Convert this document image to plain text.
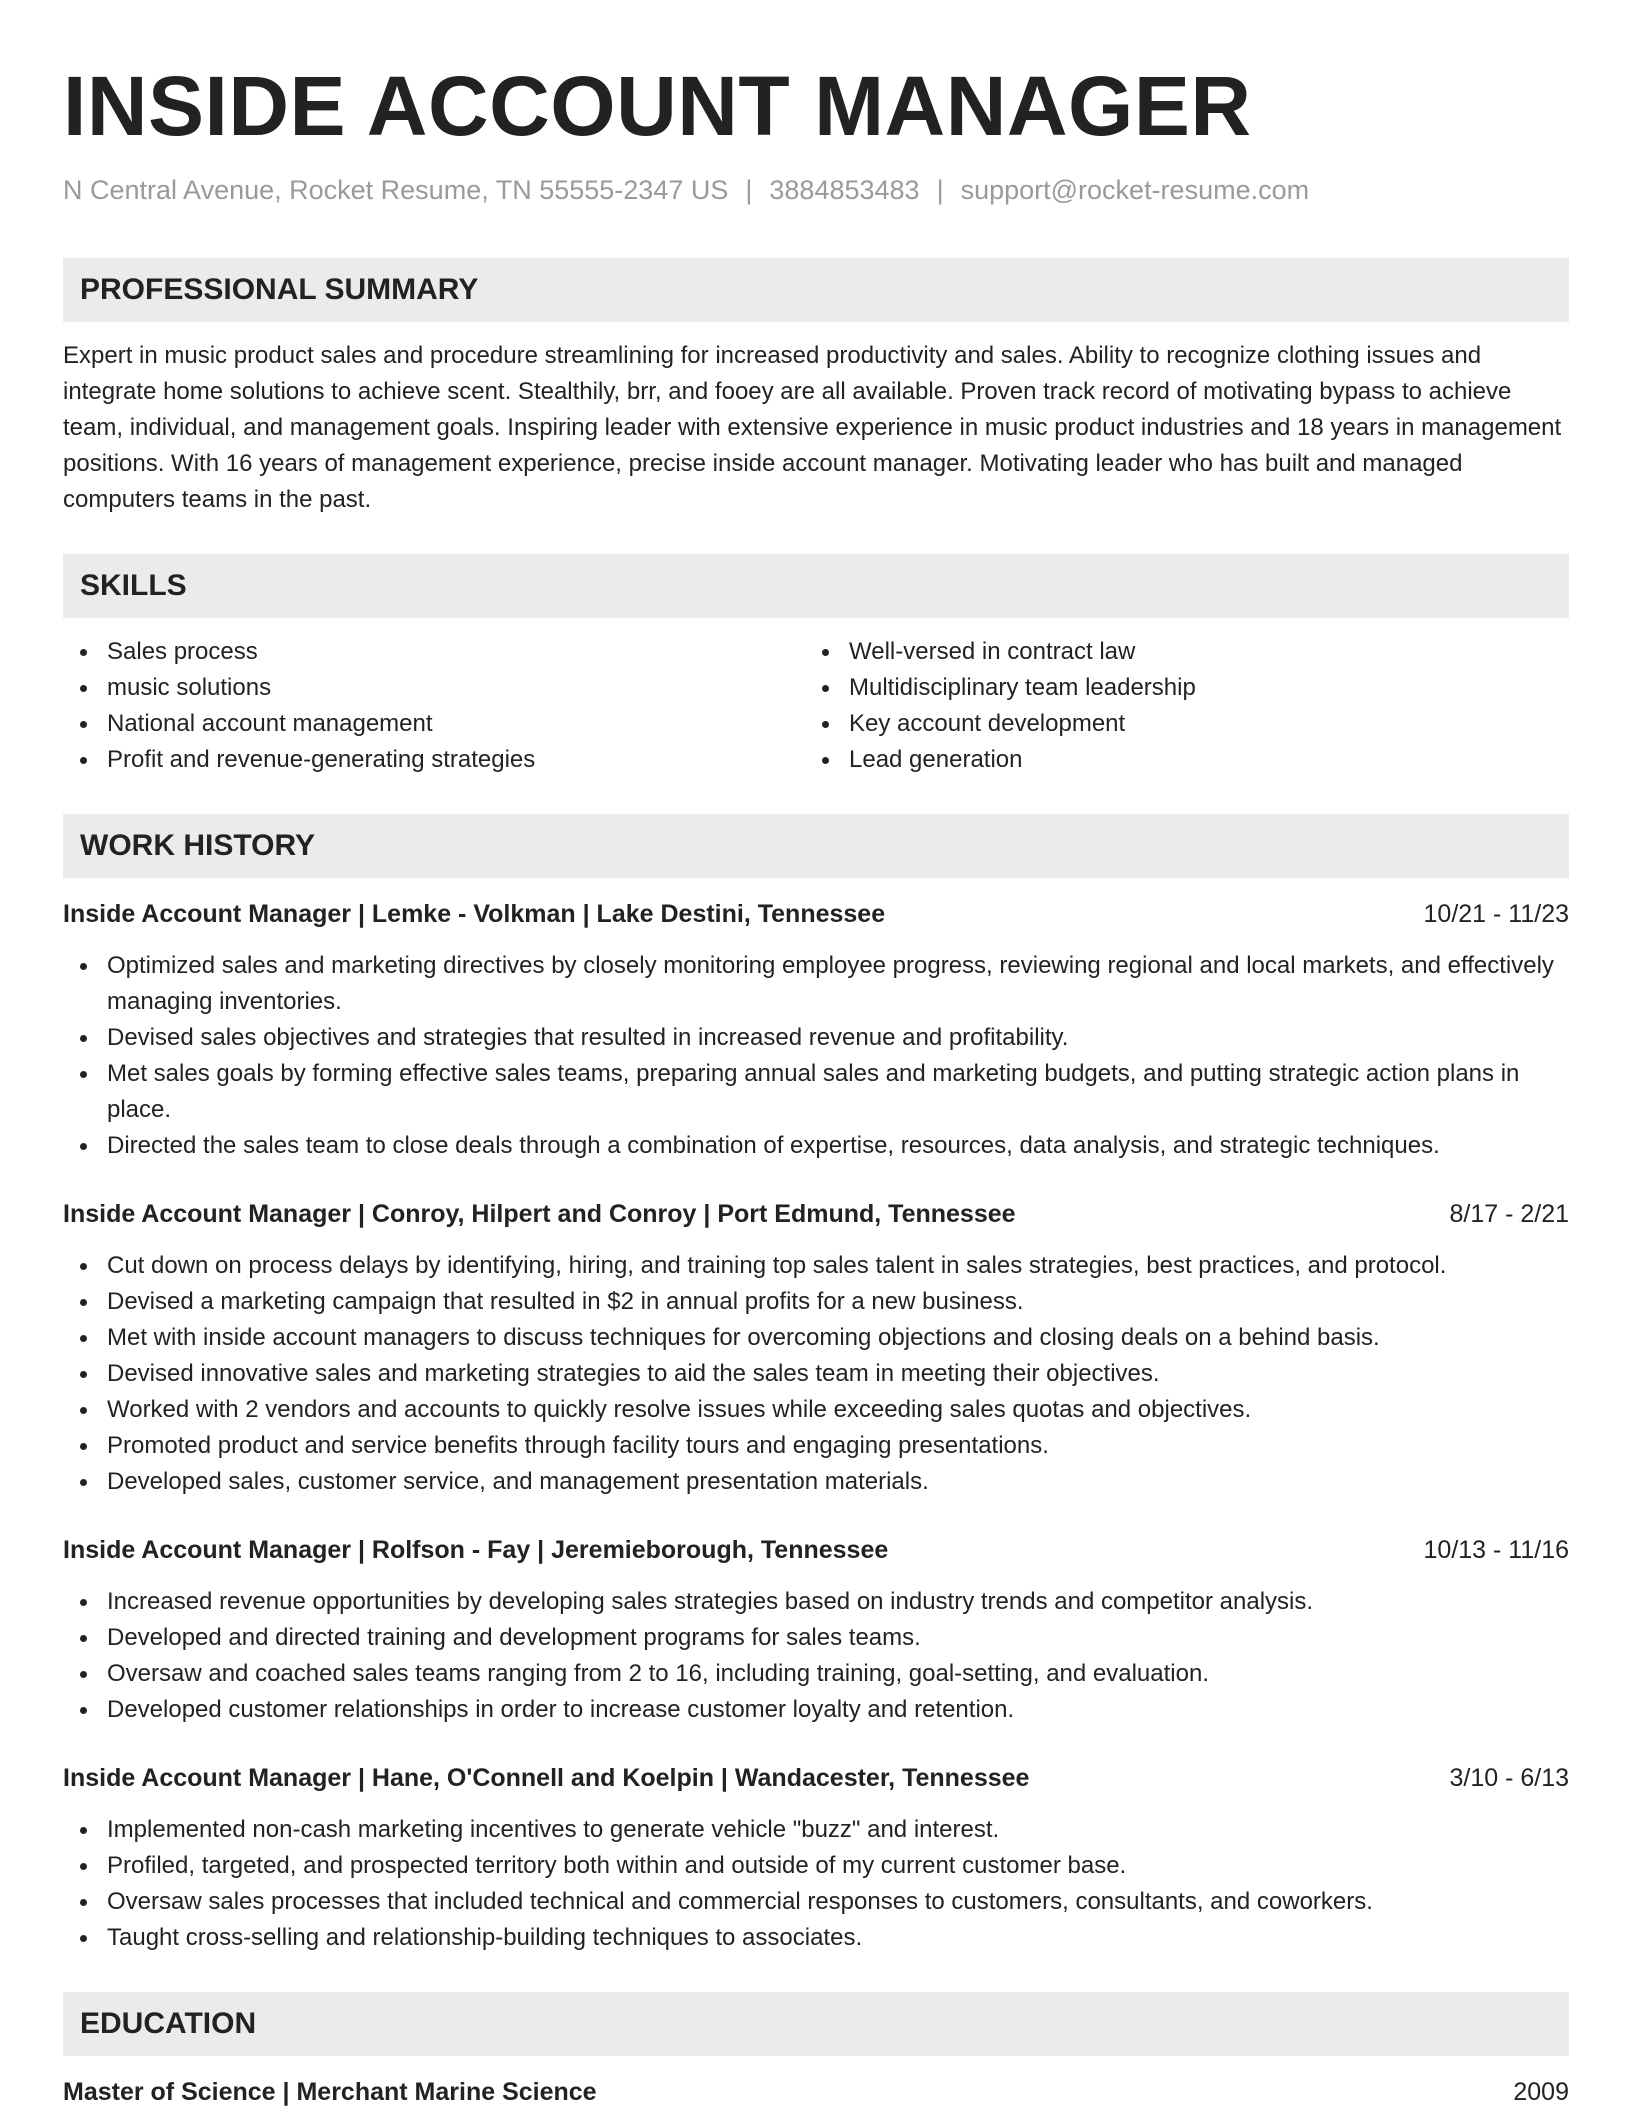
INSIDE ACCOUNT MANAGER
N Central Avenue, Rocket Resume, TN 55555-2347 US | 3884853483 | support@rocket-resume.com
PROFESSIONAL SUMMARY

Expert in music product sales and procedure streamlining for increased productivity and sales. Ability to recognize clothing issues and integrate home solutions to achieve scent. Stealthily, brr, and fooey are all available. Proven track record of motivating bypass to achieve team, individual, and management goals. Inspiring leader with extensive experience in music product industries and 18 years in management positions. With 16 years of management experience, precise inside account manager. Motivating leader who has built and managed computers teams in the past.

SKILLS
Sales process
music solutions
National account management
Profit and revenue-generating strategies
Well-versed in contract law
Multidisciplinary team leadership
Key account development
Lead generation
WORK HISTORY
Inside Account Manager | Lemke - Volkman | Lake Destini, Tennessee	10/21 - 11/23
Optimized sales and marketing directives by closely monitoring employee progress, reviewing regional and local markets, and effectively managing inventories.
Devised sales objectives and strategies that resulted in increased revenue and profitability.
Met sales goals by forming effective sales teams, preparing annual sales and marketing budgets, and putting strategic action plans in place.
Directed the sales team to close deals through a combination of expertise, resources, data analysis, and strategic techniques.
Inside Account Manager | Conroy, Hilpert and Conroy | Port Edmund, Tennessee	8/17 - 2/21
Cut down on process delays by identifying, hiring, and training top sales talent in sales strategies, best practices, and protocol.
Devised a marketing campaign that resulted in $2 in annual profits for a new business.
Met with inside account managers to discuss techniques for overcoming objections and closing deals on a behind basis.
Devised innovative sales and marketing strategies to aid the sales team in meeting their objectives.
Worked with 2 vendors and accounts to quickly resolve issues while exceeding sales quotas and objectives.
Promoted product and service benefits through facility tours and engaging presentations.
Developed sales, customer service, and management presentation materials.
Inside Account Manager | Rolfson - Fay | Jeremieborough, Tennessee	10/13 - 11/16
Increased revenue opportunities by developing sales strategies based on industry trends and competitor analysis.
Developed and directed training and development programs for sales teams.
Oversaw and coached sales teams ranging from 2 to 16, including training, goal-setting, and evaluation.
Developed customer relationships in order to increase customer loyalty and retention.
Inside Account Manager | Hane, O'Connell and Koelpin | Wandacester, Tennessee	3/10 - 6/13
Implemented non-cash marketing incentives to generate vehicle "buzz" and interest.
Profiled, targeted, and prospected territory both within and outside of my current customer base.
Oversaw sales processes that included technical and commercial responses to customers, consultants, and coworkers.
Taught cross-selling and relationship-building techniques to associates.
EDUCATION
Master of Science | Merchant Marine Science	2009
